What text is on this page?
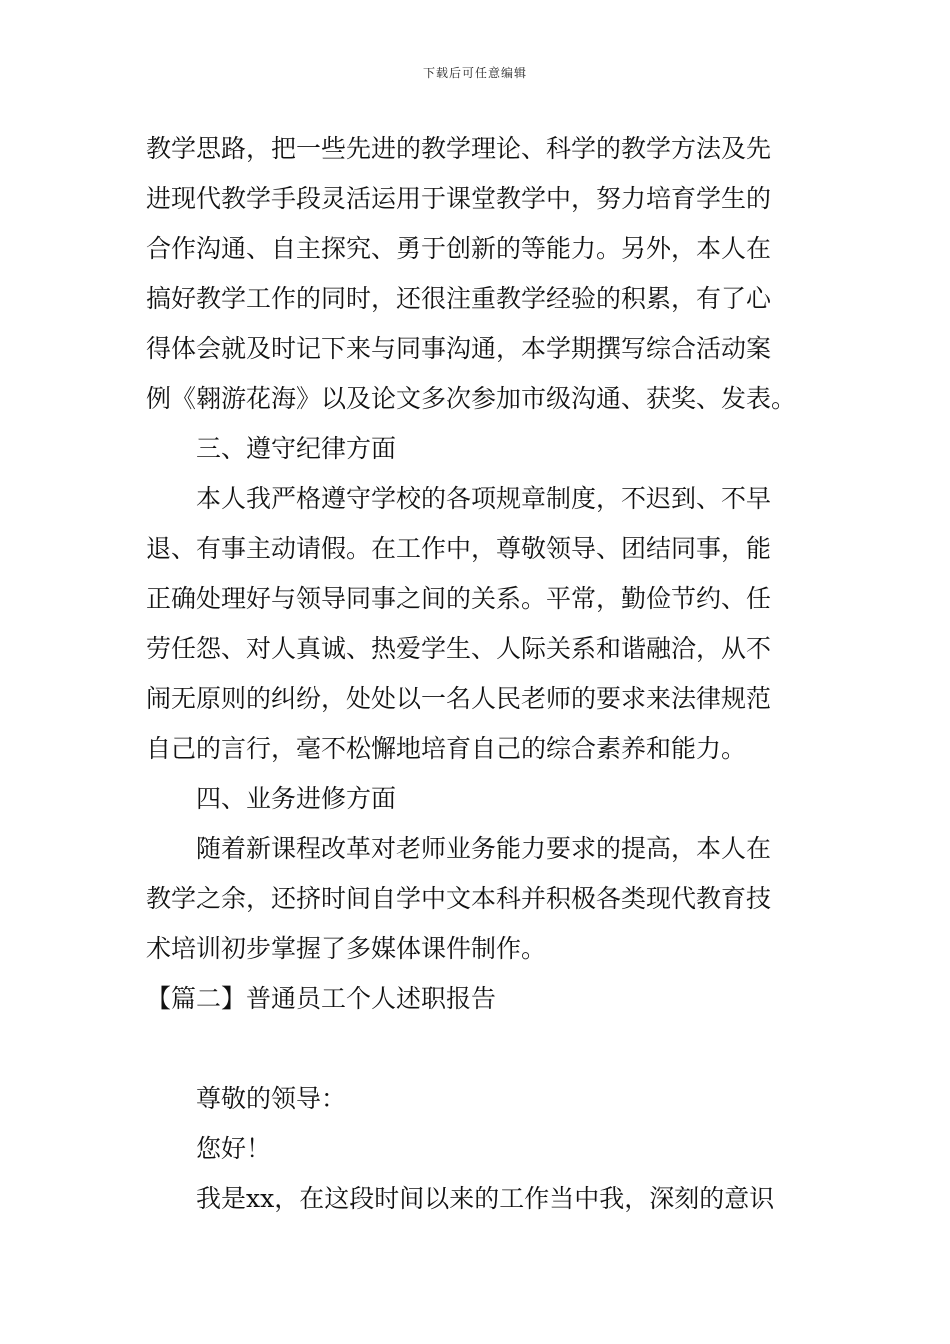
下载后可任意编辑
教学思路，把一些先进的教学理论、科学的教学方法及先
进现代教学手段灵活运用于课堂教学中，努力培育学生的
合作沟通、自主探究、勇于创新的等能力。另外，本人在
搞好教学工作的同时，还很注重教学经验的积累，有了心
得体会就及时记下来与同事沟通，本学期撰写综合活动案
例《翱游花海》以及论文多次参加市级沟通、获奖、发表。
三、遵守纪律方面
本人我严格遵守学校的各项规章制度，不迟到、不早
退、有事主动请假。在工作中，尊敬领导、团结同事，能
正确处理好与领导同事之间的关系。平常，勤俭节约、任
劳任怨、对人真诚、热爱学生、人际关系和谐融洽，从不
闹无原则的纠纷，处处以一名人民老师的要求来法律规范
自己的言行，毫不松懈地培育自己的综合素养和能力。
四、业务进修方面
随着新课程改革对老师业务能力要求的提高，本人在
教学之余，还挤时间自学中文本科并积极各类现代教育技
术培训初步掌握了多媒体课件制作。
【篇二】普通员工个人述职报告
尊敬的领导：
您好！
我是xx，在这段时间以来的工作当中我，深刻的意识
